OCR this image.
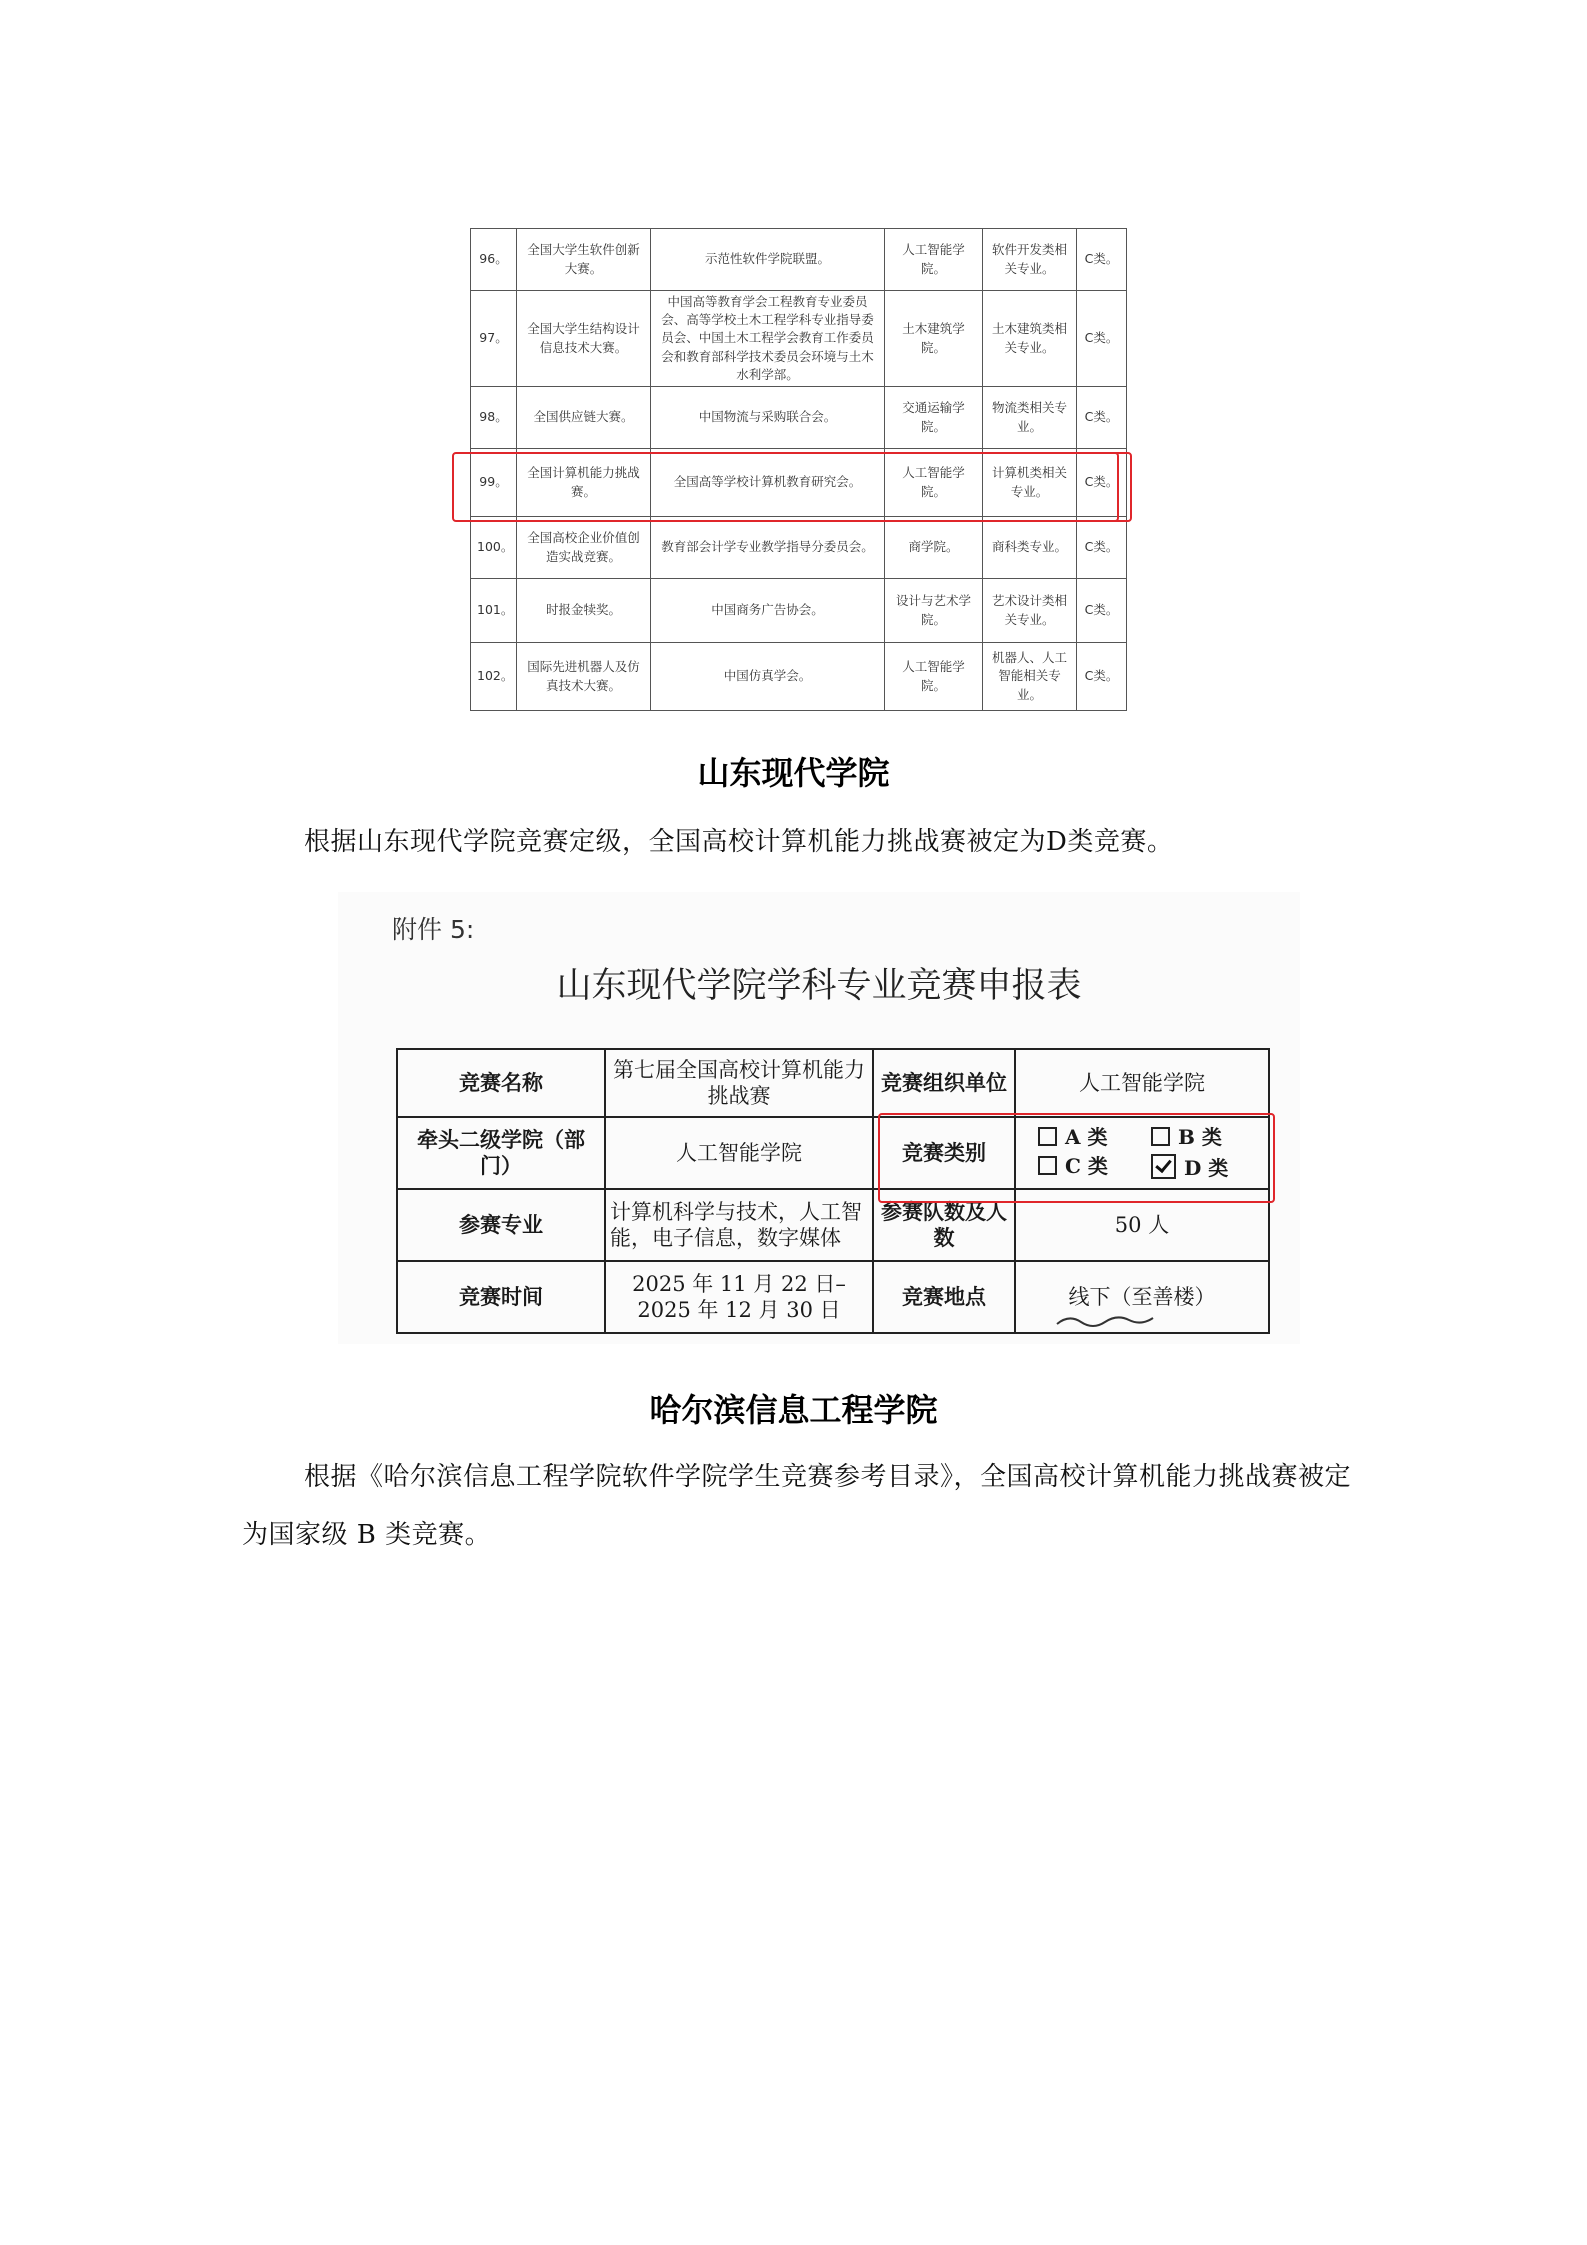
96。	全国大学生软件创新大赛。	示范性软件学院联盟。	人工智能学院。	软件开发类相关专业。	C类。
97。	全国大学生结构设计信息技术大赛。	中国高等教育学会工程教育专业委员会、高等学校土木工程学科专业指导委员会、中国土木工程学会教育工作委员会和教育部科学技术委员会环境与土木水利学部。	土木建筑学院。	土木建筑类相关专业。	C类。
98。	全国供应链大赛。	中国物流与采购联合会。	交通运输学院。	物流类相关专业。	C类。
99。	全国计算机能力挑战赛。	全国高等学校计算机教育研究会。	人工智能学院。	计算机类相关专业。	C类。
100。	全国高校企业价值创造实战竞赛。	教育部会计学专业教学指导分委员会。	商学院。	商科类专业。	C类。
101。	时报金犊奖。	中国商务广告协会。	设计与艺术学院。	艺术设计类相关专业。	C类。
102。	国际先进机器人及仿真技术大赛。	中国仿真学会。	人工智能学院。	机器人、人工智能相关专业。	C类。
山东现代学院
根据山东现代学院竞赛定级，全国高校计算机能力挑战赛被定为D类竞赛。
附件 5:
山东现代学院学科专业竞赛申报表
竞赛名称	第七届全国高校计算机能力挑战赛	竞赛组织单位	人工智能学院
牵头二级学院（部门）	人工智能学院	竞赛类别	A 类 B 类
C 类 D 类

参赛专业	计算机科学与技术，人工智能，电子信息，数字媒体	参赛队数及人数	50 人
竞赛时间	2025 年 11 月 22 日–2025 年 12 月 30 日	竞赛地点	线下（至善楼）
哈尔滨信息工程学院
根据《哈尔滨信息工程学院软件学院学生竞赛参考目录》，全国高校计算机能力挑战赛被定为国家级 B 类竞赛。
